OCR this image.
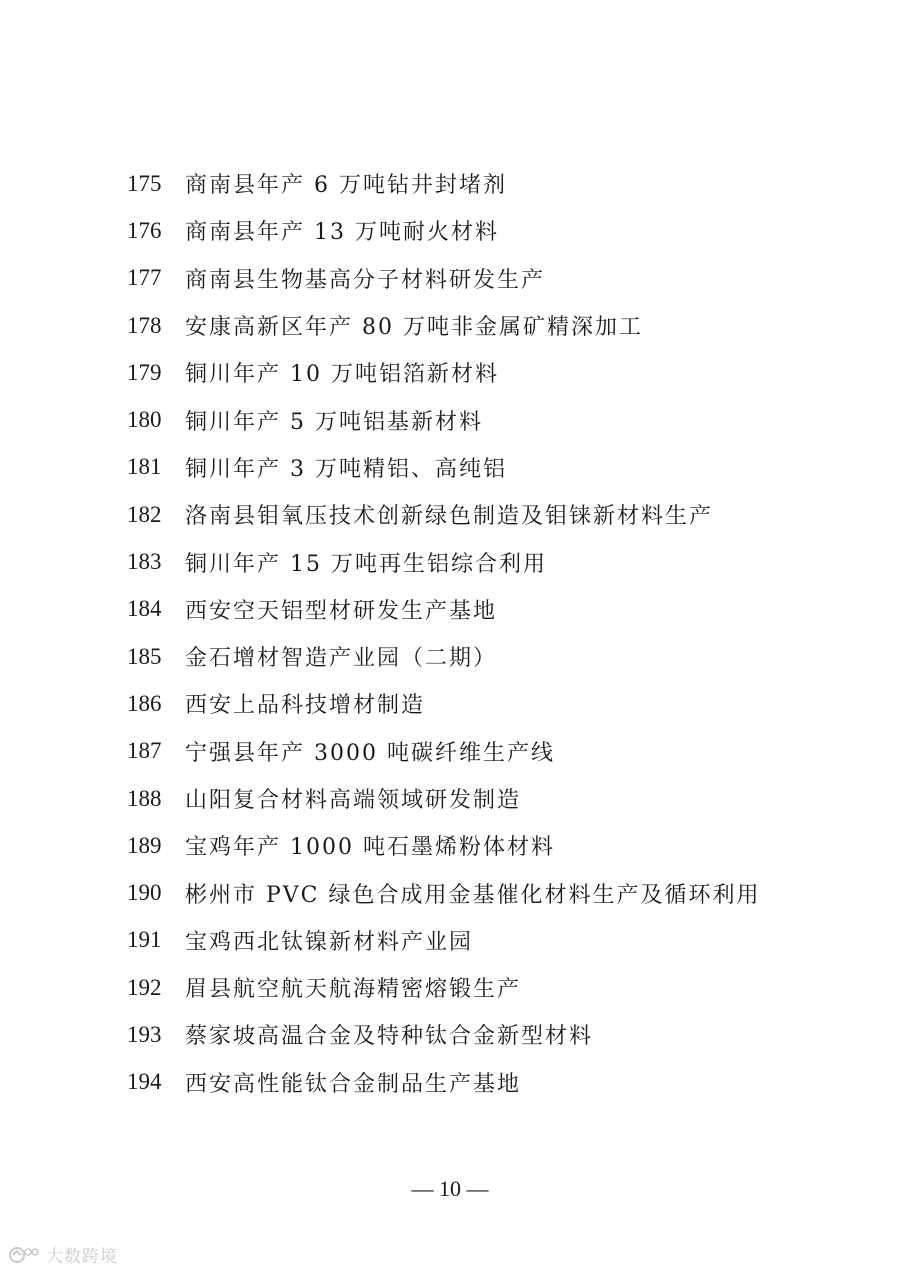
175	商南县年产 6 万吨钻井封堵剂
176	商南县年产 13 万吨耐火材料
177	商南县生物基高分子材料研发生产
178	安康高新区年产 80 万吨非金属矿精深加工
179	铜川年产 10 万吨铝箔新材料
180	铜川年产 5 万吨铝基新材料
181	铜川年产 3 万吨精铝、高纯铝
182	洛南县钼氧压技术创新绿色制造及钼铼新材料生产
183	铜川年产 15 万吨再生铝综合利用
184	西安空天铝型材研发生产基地
185	金石增材智造产业园（二期）
186	西安上品科技增材制造
187	宁强县年产 3000 吨碳纤维生产线
188	山阳复合材料高端领域研发制造
189	宝鸡年产 1000 吨石墨烯粉体材料
190	彬州市 PVC 绿色合成用金基催化材料生产及循环利用
191	宝鸡西北钛镍新材料产业园
192	眉县航空航天航海精密熔锻生产
193	蔡家坡高温合金及特种钛合金新型材料
194	西安高性能钛合金制品生产基地
— 10 —
大数跨境
